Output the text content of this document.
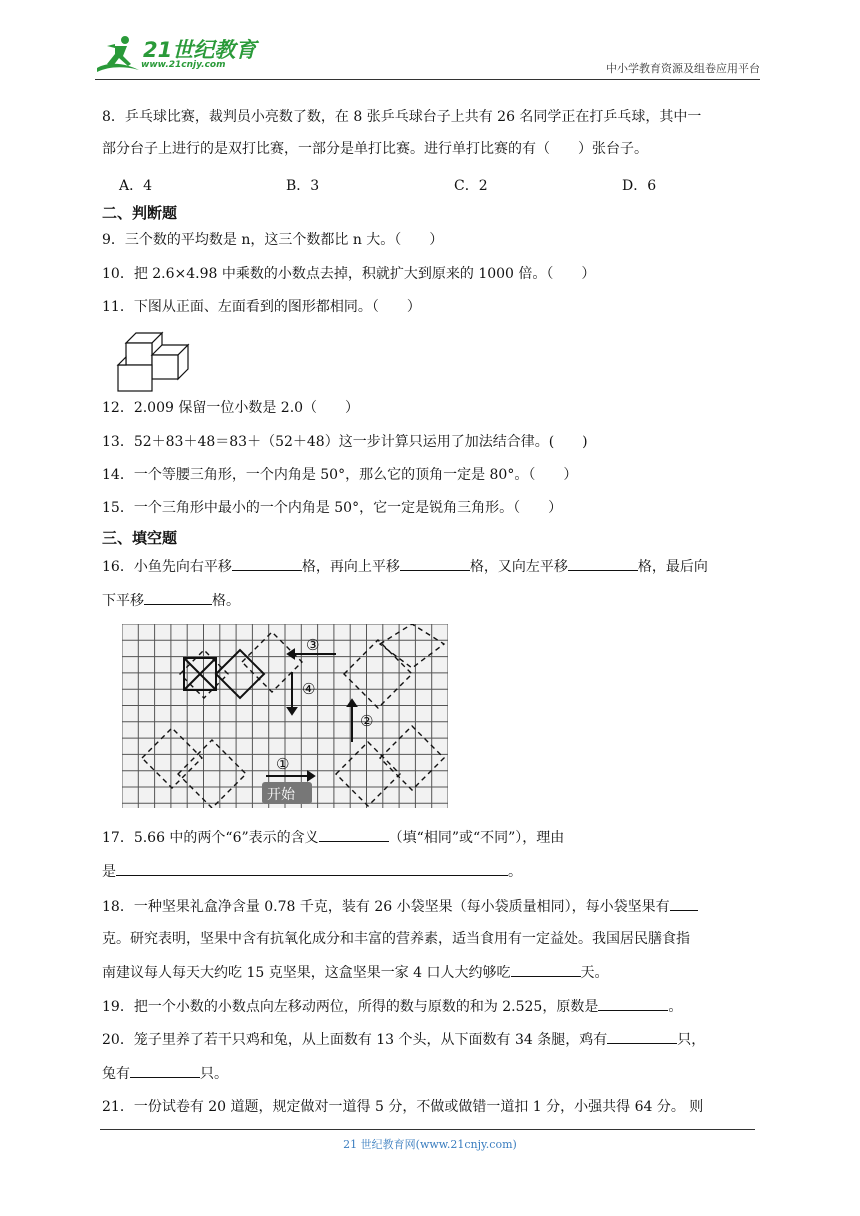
21世纪教育
www.21cnjy.com	中小学教育资源及组卷应用平台
8．乒乓球比赛，裁判员小亮数了数，在 8 张乒乓球台子上共有 26 名同学正在打乒乓球，其中一
部分台子上进行的是双打比赛，一部分是单打比赛。进行单打比赛的有（　　）张台子。
A．4	B．3	C．2	D．6
二、判断题
9．三个数的平均数是 n，这三个数都比 n 大。（　　）
10．把 2.6×4.98 中乘数的小数点去掉，积就扩大到原来的 1000 倍。（　　）
11．下图从正面、左面看到的图形都相同。（　　）
12．2.009 保留一位小数是 2.0（　　）
13．52＋83＋48＝83＋（52＋48）这一步计算只运用了加法结合律。(　　)
14．一个等腰三角形，一个内角是 50°，那么它的顶角一定是 80°。（　　）
15．一个三角形中最小的一个内角是 50°，它一定是锐角三角形。（　　）
三、填空题
16．小鱼先向右平移	格，再向上平移	格，又向左平移	格，最后向
下平移	格。
①
②
③
④
开始
17．5.66 中的两个“6”表示的含义	（填“相同”或“不同”），理由
是	。
18．一种坚果礼盒净含量 0.78 千克，装有 26 小袋坚果（每小袋质量相同），每小袋坚果有
克。研究表明，坚果中含有抗氧化成分和丰富的营养素，适当食用有一定益处。我国居民膳食指
南建议每人每天大约吃 15 克坚果，这盒坚果一家 4 口人大约够吃	天。
19．把一个小数的小数点向左移动两位，所得的数与原数的和为 2.525，原数是	。
20．笼子里养了若干只鸡和兔，从上面数有 13 个头，从下面数有 34 条腿，鸡有	只，
兔有	只。
21．一份试卷有 20 道题，规定做对一道得 5 分，不做或做错一道扣 1 分，小强共得 64 分。 则
21 世纪教育网(www.21cnjy.com)
